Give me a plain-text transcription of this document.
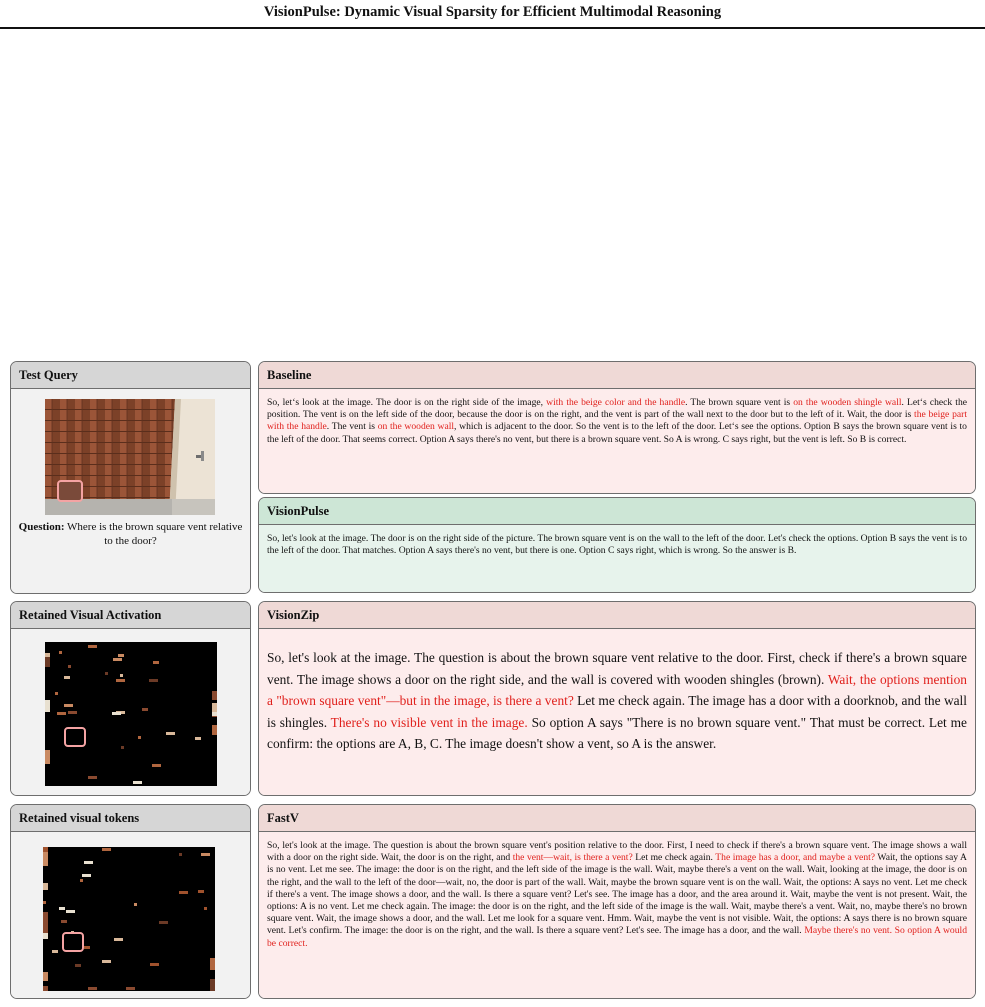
VisionPulse: Dynamic Visual Sparsity for Efficient Multimodal Reasoning
Test Query
Question: Where is the brown square vent relative to the door?
Baseline
So, let‘s look at the image. The door is on the right side of the image, with the beige color and the handle. The brown square vent is on the wooden shingle wall. Let‘s check the position. The vent is on the left side of the door, because the door is on the right, and the vent is part of the wall next to the door but to the left of it. Wait, the door is the beige part with the handle. The vent is on the wooden wall, which is adjacent to the door. So the vent is to the left of the door. Let‘s see the options. Option B says the brown square vent is to the left of the door. That seems correct. Option A says there's no vent, but there is a brown square vent. So A is wrong. C says right, but the vent is left. So B is correct.
VisionPulse
So, let's look at the image. The door is on the right side of the picture. The brown square vent is on the wall to the left of the door. Let's check the options. Option B says the vent is to the left of the door. That matches. Option A says there's no vent, but there is one. Option C says right, which is wrong. So the answer is B.
Retained Visual Activation	VisionZip
So, let's look at the image. The question is about the brown square vent relative to the door. First, check if there's a brown square vent. The image shows a door on the right side, and the wall is covered with wooden shingles (brown). Wait, the options mention a "brown square vent"—but in the image, is there a vent? Let me check again. The image has a door with a doorknob, and the wall is shingles. There's no visible vent in the image. So option A says "There is no brown square vent." That must be correct. Let me confirm: the options are A, B, C. The image doesn't show a vent, so A is the answer.
Retained visual tokens	FastV
So, let's look at the image. The question is about the brown square vent's position relative to the door. First, I need to check if there's a brown square vent. The image shows a wall with a door on the right side. Wait, the door is on the right, and the vent—wait, is there a vent? Let me check again. The image has a door, and maybe a vent? Wait, the options say A is no vent. Let me see. The image: the door is on the right, and the left side of the image is the wall. Wait, maybe there's a vent on the wall. Wait, looking at the image, the door is on the right, and the wall to the left of the door—wait, no, the door is part of the wall. Wait, maybe the brown square vent is on the wall. Wait, the options: A says no vent. Let me check if there's a vent. The image shows a door, and the wall. Is there a square vent? Let's see. The image has a door, and the area around it. Wait, maybe the vent is not present. Wait, the options: A is no vent. Let me check again. The image: the door is on the right, and the left side of the image is the wall. Wait, maybe there's a vent. Wait, no, maybe there's no brown square vent. Wait, the image shows a door, and the wall. Let me look for a square vent. Hmm. Wait, maybe the vent is not visible. Wait, the options: A says there is no brown square vent. Let's confirm. The image: the door is on the right, and the wall. Is there a square vent? Let's see. The image has a door, and the wall. Maybe there's no vent. So option A would be correct.
